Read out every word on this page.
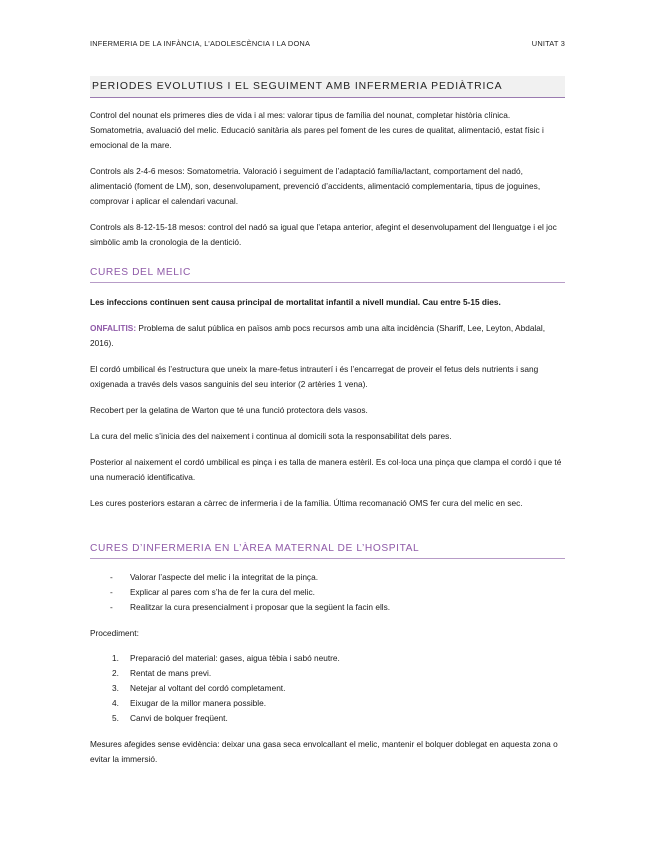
INFERMERIA DE LA INFÀNCIA, L’ADOLESCÈNCIA I LA DONA	UNITAT 3
PERIODES EVOLUTIUS I EL SEGUIMENT AMB INFERMERIA PEDIÀTRICA
Control del nounat els primeres dies de vida i al mes: valorar tipus de família del nounat, completar història clínica. Somatometria, avaluació del melic. Educació sanitària als pares pel foment de les cures de qualitat, alimentació, estat físic i emocional de la mare.
Controls als 2-4-6 mesos: Somatometria. Valoració i seguiment de l’adaptació família/lactant, comportament del nadó, alimentació (foment de LM), son, desenvolupament, prevenció d’accidents, alimentació complementaria, tipus de joguines, comprovar i aplicar el calendari vacunal.
Controls als 8-12-15-18 mesos: control del nadó sa igual que l’etapa anterior, afegint el desenvolupament del llenguatge i el joc simbòlic amb la cronologia de la dentició.
CURES DEL MELIC
Les infeccions continuen sent causa principal de mortalitat infantil a nivell mundial. Cau entre 5-15 dies.
ONFALITIS: Problema de salut pública en països amb pocs recursos amb una alta incidència (Shariff, Lee, Leyton, Abdalal, 2016).
El cordó umbilical és l’estructura que uneix la mare-fetus intrauterí i és l’encarregat de proveir el fetus dels nutrients i sang oxigenada a través dels vasos sanguinis del seu interior (2 artèries 1 vena).
Recobert per la gelatina de Warton que té una funció protectora dels vasos.
La cura del melic s’inicia des del naixement i continua al domicili sota la responsabilitat dels pares.
Posterior al naixement el cordó umbilical es pinça i es talla de manera estèril. Es col·loca una pinça que clampa el cordó i que té una numeració identificativa.
Les cures posteriors estaran a càrrec de infermeria i de la família. Última recomanació OMS fer cura del melic en sec.
CURES D’INFERMERIA EN L’ÀREA MATERNAL DE L’HOSPITAL
- Valorar l’aspecte del melic i la integritat de la pinça.
- Explicar al pares com s’ha de fer la cura del melic.
- Realitzar la cura presencialment i proposar que la següent la facin ells.
Procediment:
1. Preparació del material: gases, aigua tèbia i sabó neutre.
2. Rentat de mans previ.
3. Netejar al voltant del cordó completament.
4. Eixugar de la millor manera possible.
5. Canvi de bolquer freqüent.
Mesures afegides sense evidència: deixar una gasa seca envolcallant el melic, mantenir el bolquer doblegat en aquesta zona o evitar la immersió.
